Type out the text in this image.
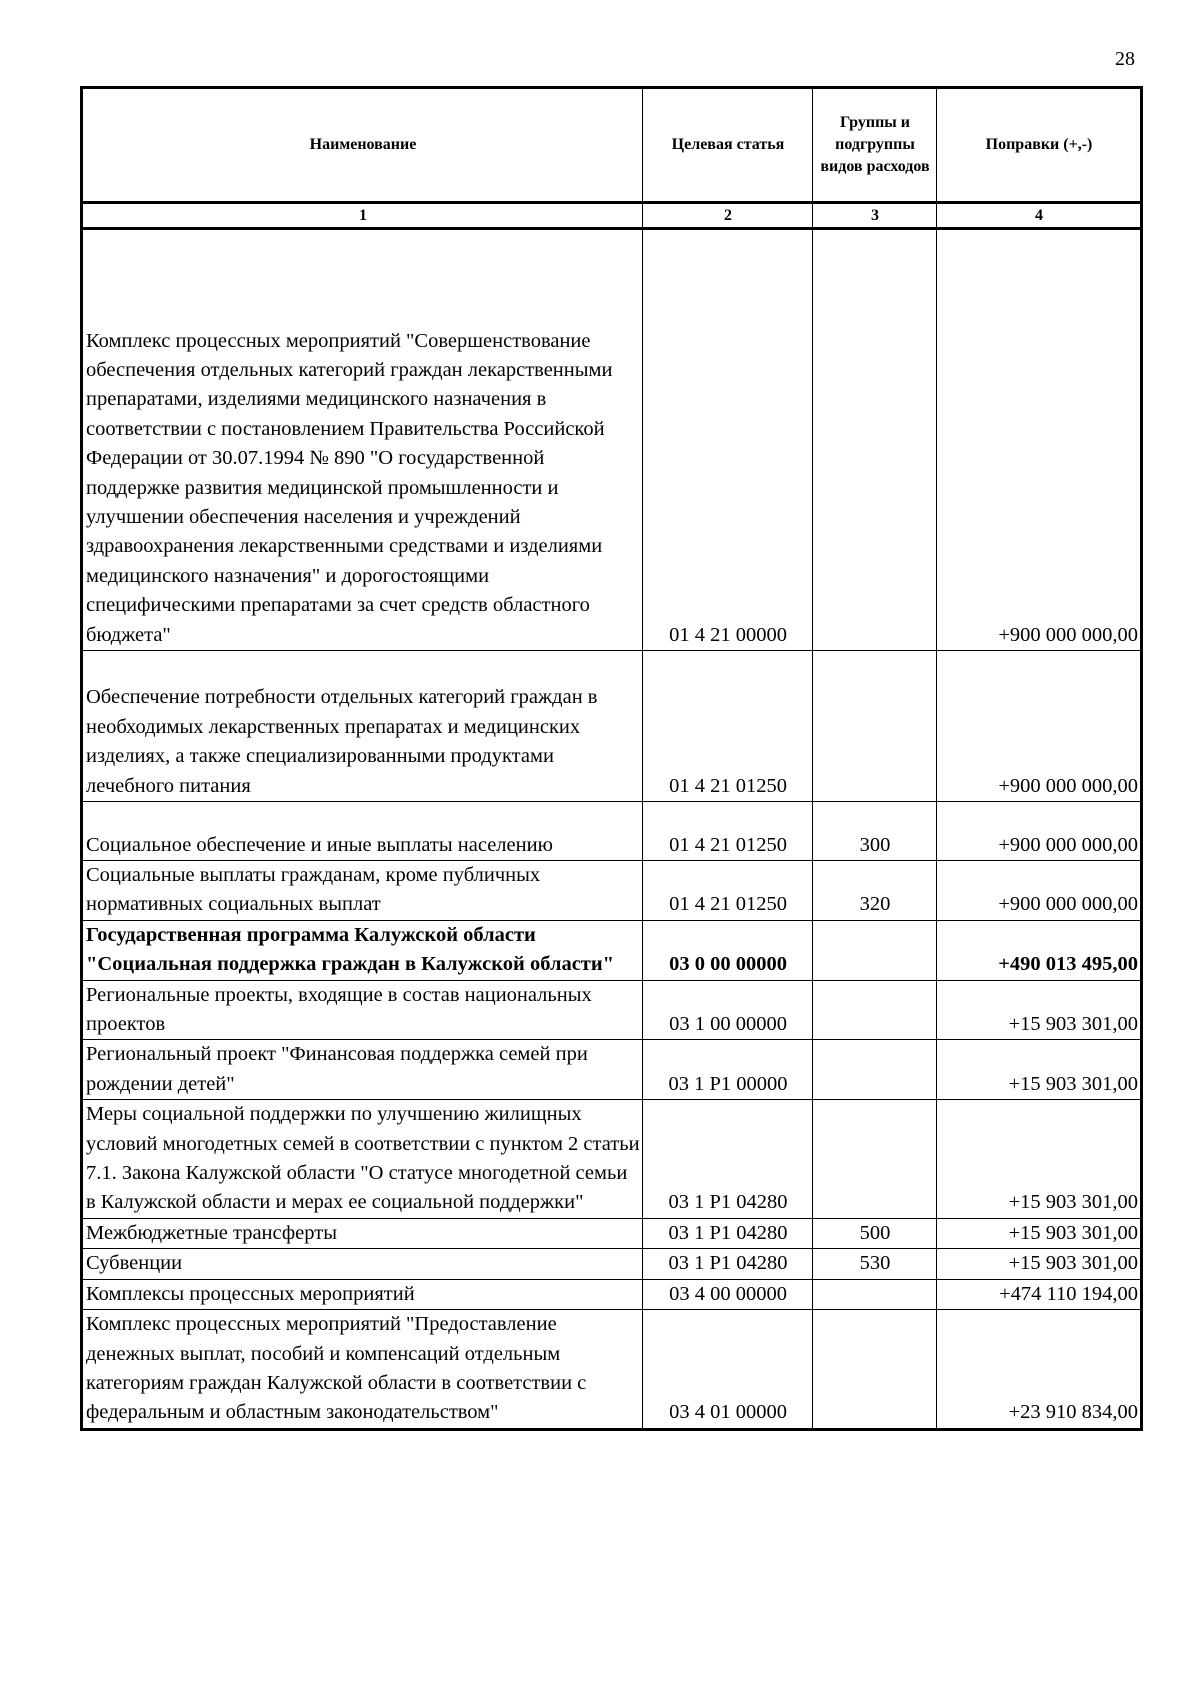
28
Наименование	Целевая статья	Группы и подгруппы видов расходов	Поправки (+,-)
1	2	3	4
Комплекс процессных мероприятий "Совершенствование обеспечения отдельных категорий граждан лекарственными препаратами, изделиями медицинского назначения в соответствии с постановлением Правительства Российской Федерации от 30.07.1994 № 890 "О государственной поддержке развития медицинской промышленности и улучшении обеспечения населения и учреждений здравоохранения лекарственными средствами и изделиями медицинского назначения" и дорогостоящими специфическими препаратами за счет средств областного бюджета"	01 4 21 00000		+900 000 000,00
Обеспечение потребности отдельных категорий граждан в необходимых лекарственных препаратах и медицинских изделиях, а также специализированными продуктами лечебного питания	01 4 21 01250		+900 000 000,00
Социальное обеспечение и иные выплаты населению	01 4 21 01250	300	+900 000 000,00
Социальные выплаты гражданам, кроме публичных нормативных социальных выплат	01 4 21 01250	320	+900 000 000,00
Государственная программа Калужской области "Социальная поддержка граждан в Калужской области"	03 0 00 00000		+490 013 495,00
Региональные проекты, входящие в состав национальных проектов	03 1 00 00000		+15 903 301,00
Региональный проект "Финансовая поддержка семей при рождении детей"	03 1 P1 00000		+15 903 301,00
Меры социальной поддержки по улучшению жилищных условий многодетных семей в соответствии с пунктом 2 статьи 7.1. Закона Калужской области "О статусе многодетной семьи в Калужской области и мерах ее социальной поддержки"	03 1 P1 04280		+15 903 301,00
Межбюджетные трансферты	03 1 P1 04280	500	+15 903 301,00
Субвенции	03 1 P1 04280	530	+15 903 301,00
Комплексы процессных мероприятий	03 4 00 00000		+474 110 194,00
Комплекс процессных мероприятий "Предоставление денежных выплат, пособий и компенсаций отдельным категориям граждан Калужской области в соответствии с федеральным и областным законодательством"	03 4 01 00000		+23 910 834,00
